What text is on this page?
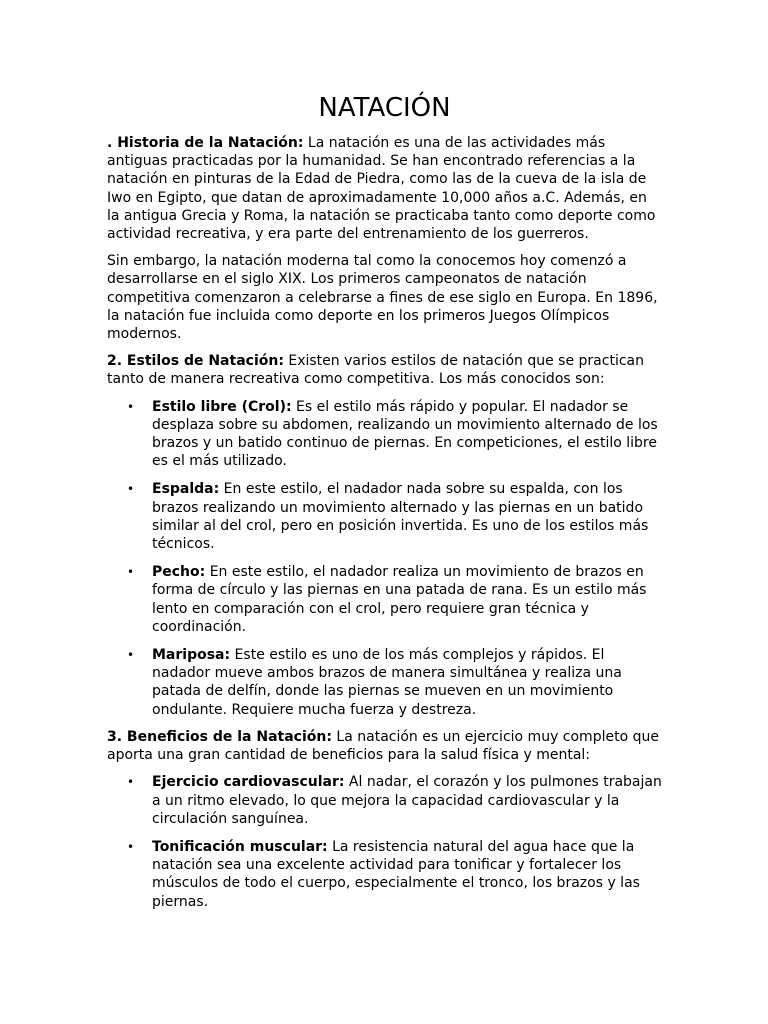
NATACIÓN

. Historia de la Natación: La natación es una de las actividades más antiguas practicadas por la humanidad. Se han encontrado referencias a la natación en pinturas de la Edad de Piedra, como las de la cueva de la isla de Iwo en Egipto, que datan de aproximadamente 10,000 años a.C. Además, en la antigua Grecia y Roma, la natación se practicaba tanto como deporte como actividad recreativa, y era parte del entrenamiento de los guerreros.

Sin embargo, la natación moderna tal como la conocemos hoy comenzó a desarrollarse en el siglo XIX. Los primeros campeonatos de natación competitiva comenzaron a celebrarse a fines de ese siglo en Europa. En 1896, la natación fue incluida como deporte en los primeros Juegos Olímpicos modernos.

2. Estilos de Natación: Existen varios estilos de natación que se practican tanto de manera recreativa como competitiva. Los más conocidos son:

• Estilo libre (Crol): Es el estilo más rápido y popular. El nadador se desplaza sobre su abdomen, realizando un movimiento alternado de los brazos y un batido continuo de piernas. En competiciones, el estilo libre es el más utilizado.
• Espalda: En este estilo, el nadador nada sobre su espalda, con los brazos realizando un movimiento alternado y las piernas en un batido similar al del crol, pero en posición invertida. Es uno de los estilos más técnicos.
• Pecho: En este estilo, el nadador realiza un movimiento de brazos en forma de círculo y las piernas en una patada de rana. Es un estilo más lento en comparación con el crol, pero requiere gran técnica y coordinación.
• Mariposa: Este estilo es uno de los más complejos y rápidos. El nadador mueve ambos brazos de manera simultánea y realiza una patada de delfín, donde las piernas se mueven en un movimiento ondulante. Requiere mucha fuerza y destreza.

3. Beneficios de la Natación: La natación es un ejercicio muy completo que aporta una gran cantidad de beneficios para la salud física y mental:

• Ejercicio cardiovascular: Al nadar, el corazón y los pulmones trabajan a un ritmo elevado, lo que mejora la capacidad cardiovascular y la circulación sanguínea.
• Tonificación muscular: La resistencia natural del agua hace que la natación sea una excelente actividad para tonificar y fortalecer los músculos de todo el cuerpo, especialmente el tronco, los brazos y las piernas.
